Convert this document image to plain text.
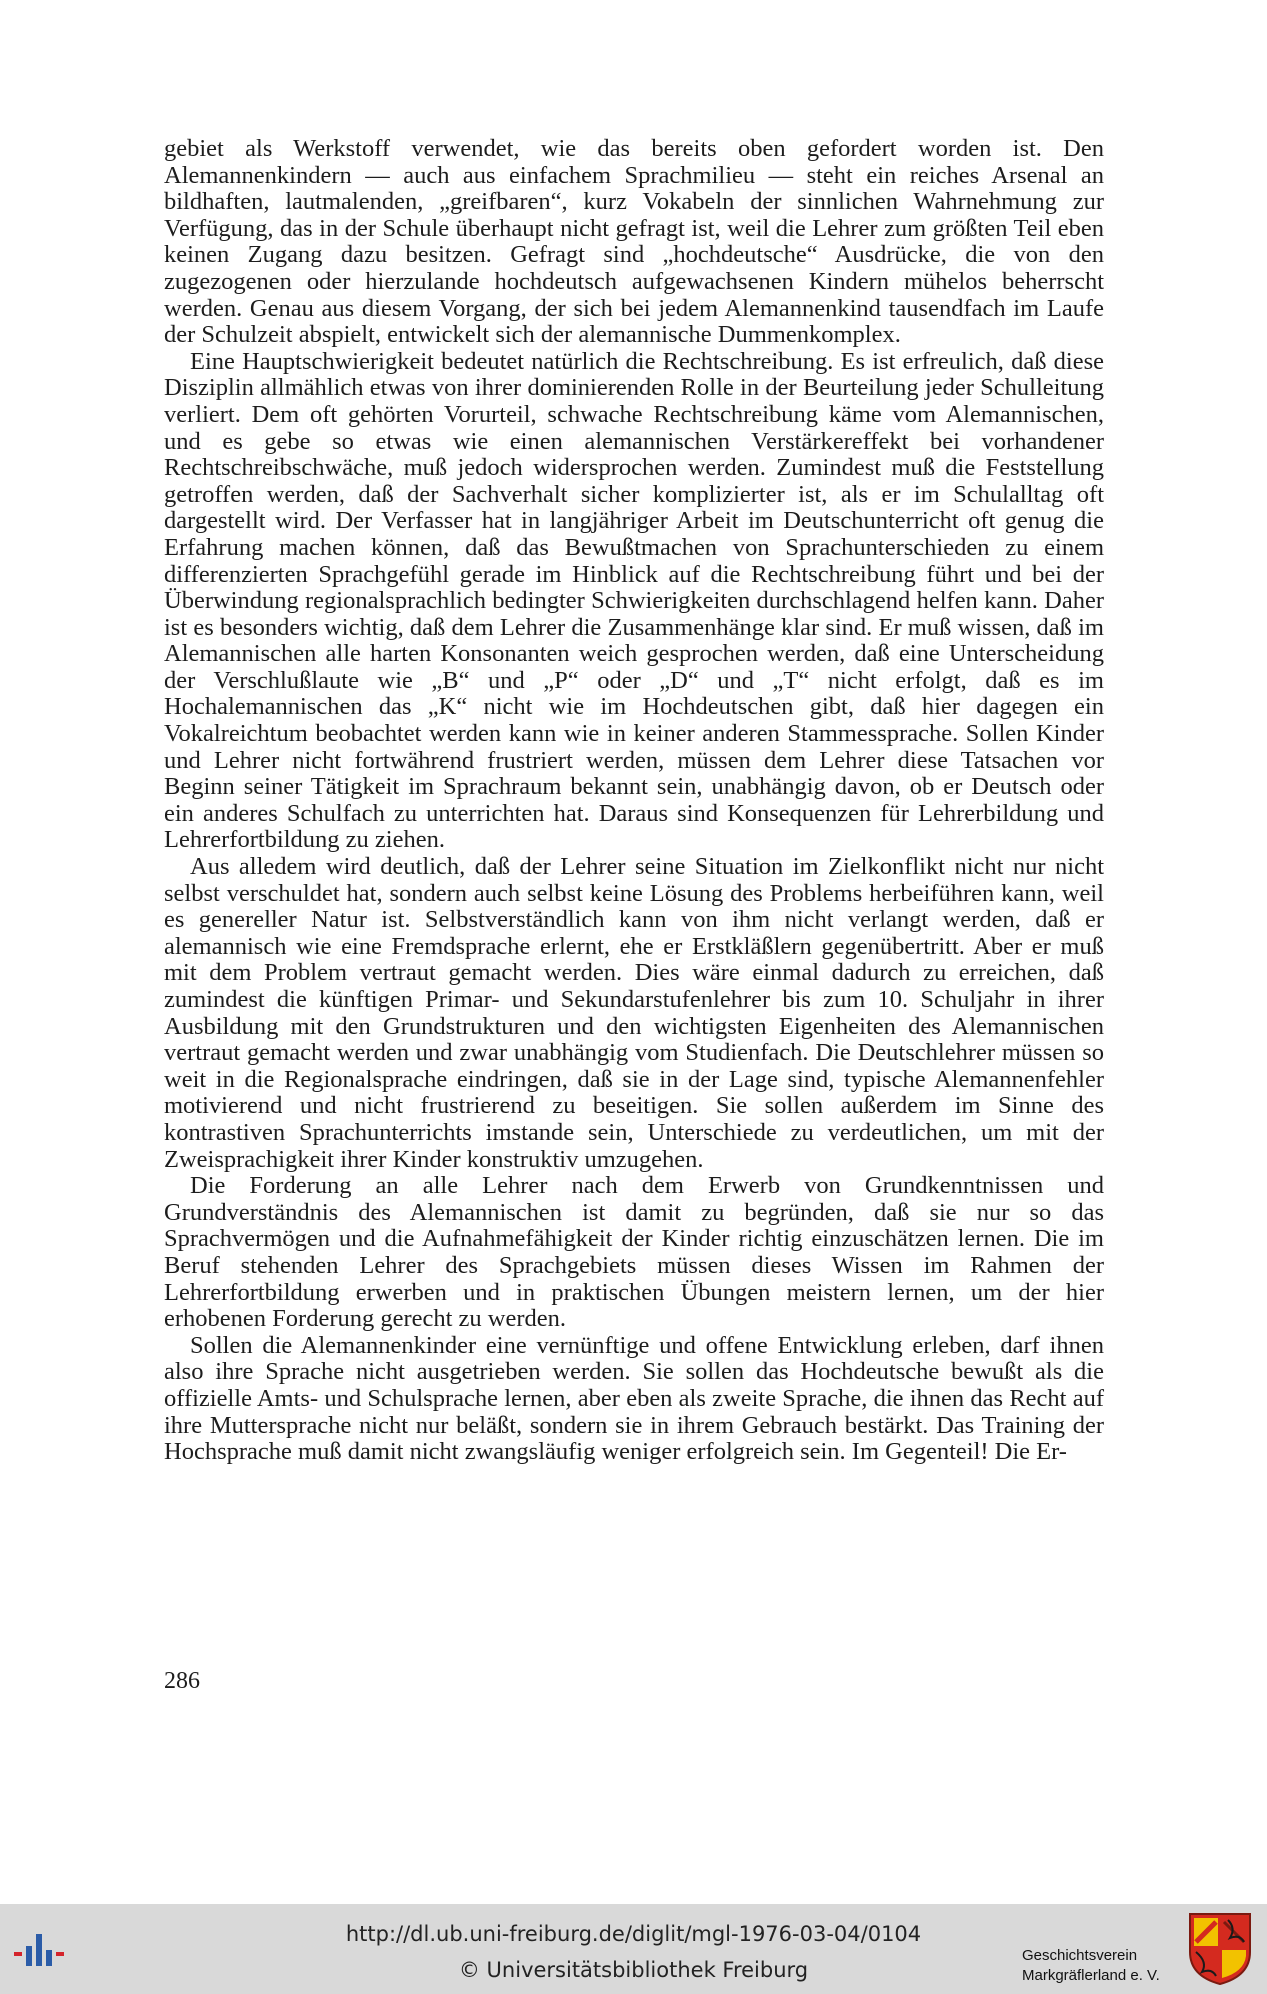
gebiet als Werkstoff verwendet, wie das bereits oben gefordert worden ist. Den Alemannenkindern — auch aus einfachem Sprachmilieu — steht ein reiches Arsenal an bildhaften, lautmalenden, „greifbaren“, kurz Vokabeln der sinnlichen Wahrnehmung zur Verfügung, das in der Schule überhaupt nicht gefragt ist, weil die Lehrer zum größten Teil eben keinen Zugang dazu besitzen. Gefragt sind „hochdeutsche“ Ausdrücke, die von den zugezogenen oder hierzulande hochdeutsch aufgewachsenen Kindern mühelos beherrscht werden. Genau aus diesem Vorgang, der sich bei jedem Alemannenkind tausendfach im Laufe der Schulzeit abspielt, entwickelt sich der alemannische Dummenkomplex.

Eine Hauptschwierigkeit bedeutet natürlich die Rechtschreibung. Es ist erfreulich, daß diese Disziplin allmählich etwas von ihrer dominierenden Rolle in der Beurteilung jeder Schulleitung verliert. Dem oft gehörten Vorurteil, schwache Rechtschreibung käme vom Alemannischen, und es gebe so etwas wie einen alemannischen Verstärkereffekt bei vorhandener Rechtschreibschwäche, muß jedoch widersprochen werden. Zumindest muß die Feststellung getroffen werden, daß der Sachverhalt sicher komplizierter ist, als er im Schulalltag oft dargestellt wird. Der Verfasser hat in langjähriger Arbeit im Deutschunterricht oft genug die Erfahrung machen können, daß das Bewußtmachen von Sprachunterschieden zu einem differenzierten Sprachgefühl gerade im Hinblick auf die Rechtschreibung führt und bei der Überwindung regionalsprachlich bedingter Schwierigkeiten durchschlagend helfen kann. Daher ist es besonders wichtig, daß dem Lehrer die Zusammenhänge klar sind. Er muß wissen, daß im Alemannischen alle harten Konsonanten weich gesprochen werden, daß eine Unterscheidung der Verschlußlaute wie „B“ und „P“ oder „D“ und „T“ nicht erfolgt, daß es im Hochalemannischen das „K“ nicht wie im Hochdeutschen gibt, daß hier dagegen ein Vokalreichtum beobachtet werden kann wie in keiner anderen Stammessprache. Sollen Kinder und Lehrer nicht fortwährend frustriert werden, müssen dem Lehrer diese Tatsachen vor Beginn seiner Tätigkeit im Sprachraum bekannt sein, unabhängig davon, ob er Deutsch oder ein anderes Schulfach zu unterrichten hat. Daraus sind Konsequenzen für Lehrerbildung und Lehrerfortbildung zu ziehen.

Aus alledem wird deutlich, daß der Lehrer seine Situation im Zielkonflikt nicht nur nicht selbst verschuldet hat, sondern auch selbst keine Lösung des Problems herbeiführen kann, weil es genereller Natur ist. Selbstverständlich kann von ihm nicht verlangt werden, daß er alemannisch wie eine Fremdsprache erlernt, ehe er Erstkläßlern gegenübertritt. Aber er muß mit dem Problem vertraut gemacht werden. Dies wäre einmal dadurch zu erreichen, daß zumindest die künftigen Primar- und Sekundarstufenlehrer bis zum 10. Schuljahr in ihrer Ausbildung mit den Grundstrukturen und den wichtigsten Eigenheiten des Alemannischen vertraut gemacht werden und zwar unabhängig vom Studienfach. Die Deutschlehrer müssen so weit in die Regionalsprache eindringen, daß sie in der Lage sind, typische Alemannenfehler motivierend und nicht frustrierend zu beseitigen. Sie sollen außerdem im Sinne des kontrastiven Sprachunterrichts imstande sein, Unterschiede zu verdeutlichen, um mit der Zweisprachigkeit ihrer Kinder konstruktiv umzugehen.

Die Forderung an alle Lehrer nach dem Erwerb von Grundkenntnissen und Grundverständnis des Alemannischen ist damit zu begründen, daß sie nur so das Sprachvermögen und die Aufnahmefähigkeit der Kinder richtig einzuschätzen lernen. Die im Beruf stehenden Lehrer des Sprachgebiets müssen dieses Wissen im Rahmen der Lehrerfortbildung erwerben und in praktischen Übungen meistern lernen, um der hier erhobenen Forderung gerecht zu werden.

Sollen die Alemannenkinder eine vernünftige und offene Entwicklung erleben, darf ihnen also ihre Sprache nicht ausgetrieben werden. Sie sollen das Hochdeutsche bewußt als die offizielle Amts- und Schulsprache lernen, aber eben als zweite Sprache, die ihnen das Recht auf ihre Muttersprache nicht nur beläßt, sondern sie in ihrem Gebrauch bestärkt. Das Training der Hochsprache muß damit nicht zwangsläufig weniger erfolgreich sein. Im Gegenteil! Die Er-

286
http://dl.ub.uni-freiburg.de/diglit/mgl-1976-03-04/0104
© Universitätsbibliothek Freiburg
Geschichtsverein
Markgräflerland e. V.
